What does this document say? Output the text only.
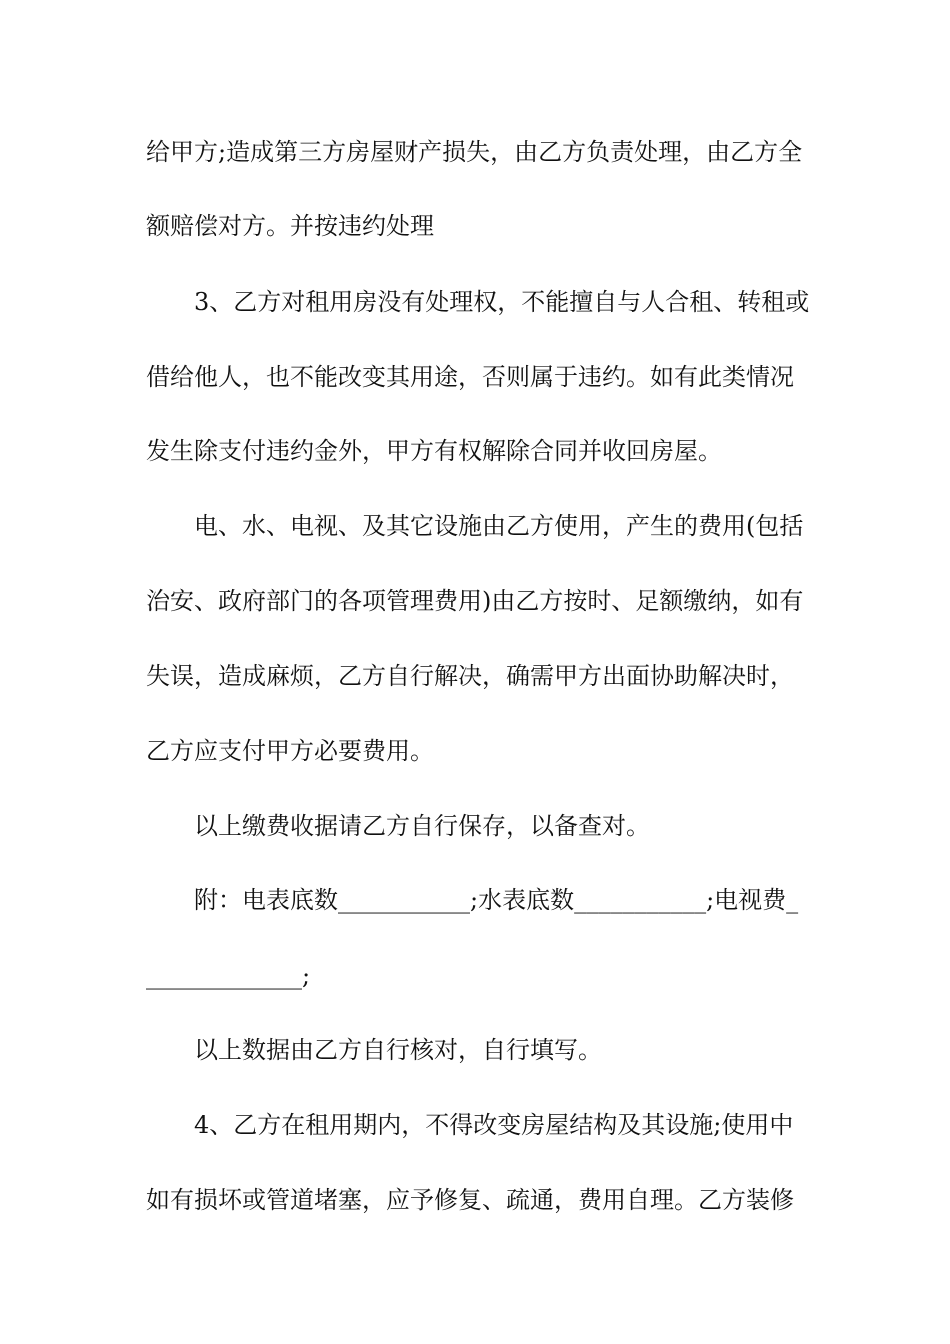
给甲方;造成第三方房屋财产损失，由乙方负责处理，由乙方全
额赔偿对方。并按违约处理
3、乙方对租用房没有处理权，不能擅自与人合租、转租或
借给他人，也不能改变其用途，否则属于违约。如有此类情况
发生除支付违约金外，甲方有权解除合同并收回房屋。
电、水、电视、及其它设施由乙方使用，产生的费用(包括
治安、政府部门的各项管理费用)由乙方按时、足额缴纳，如有
失误，造成麻烦，乙方自行解决，确需甲方出面协助解决时，
乙方应支付甲方必要费用。
以上缴费收据请乙方自行保存，以备查对。
附：电表底数___________;水表底数___________;电视费_
_____________;
以上数据由乙方自行核对，自行填写。
4、乙方在租用期内，不得改变房屋结构及其设施;使用中
如有损坏或管道堵塞，应予修复、疏通，费用自理。乙方装修
